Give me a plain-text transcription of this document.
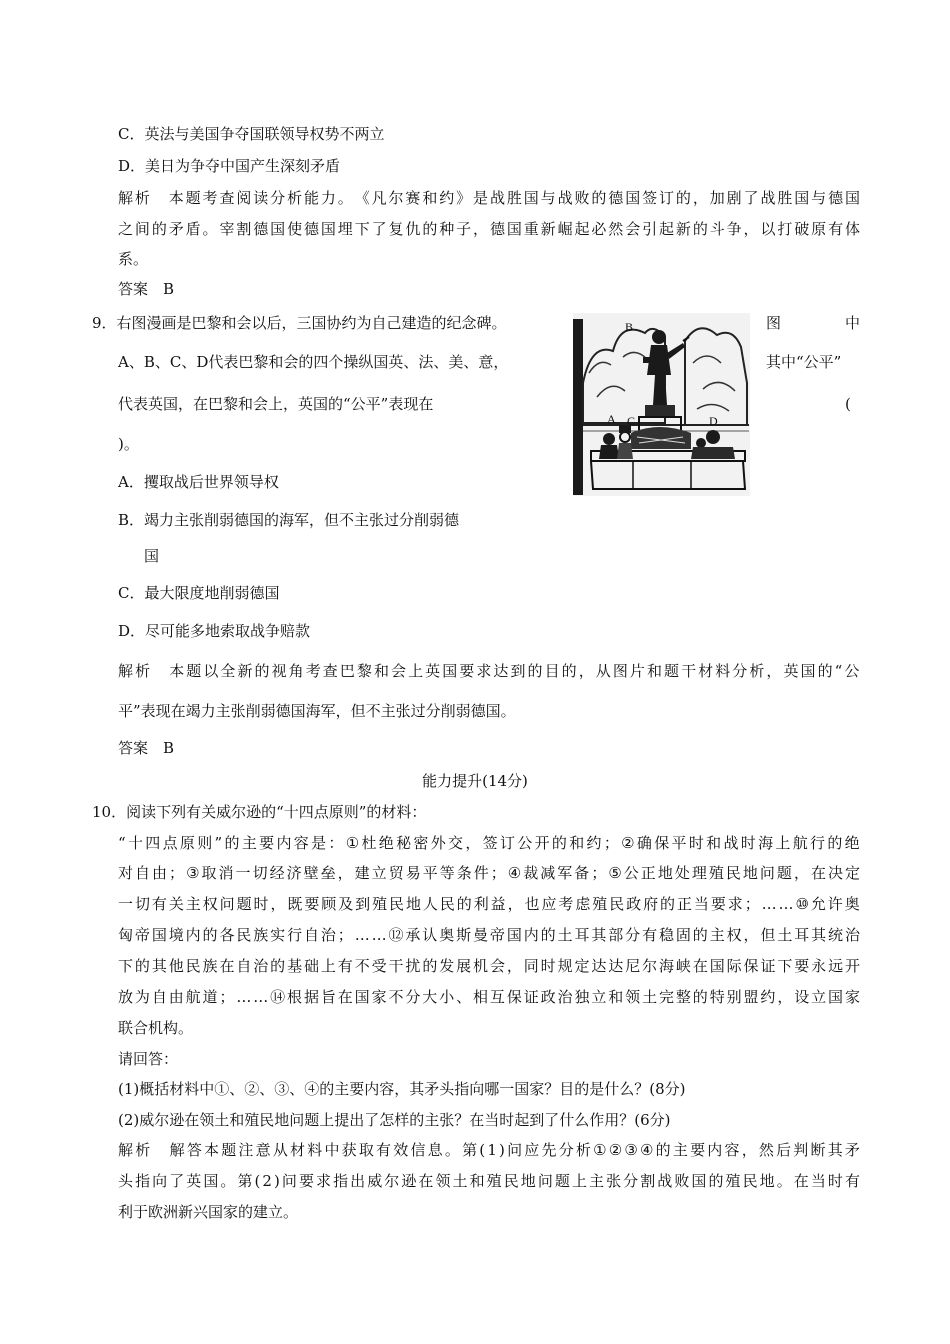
C．英法与美国争夺国联领导权势不两立
D．美日为争夺中国产生深刻矛盾
解 析
　 本 题 考 查 阅 读 分 析 能 力 。 《 凡 尔 赛 和 约 》 是 战 胜 国 与 战 败 的 德 国 签 订 的 ， 加 剧 了 战 胜 国 与 德 国
之 间 的 矛 盾 。 宰 割 德 国 使 德 国 埋 下 了 复 仇 的 种 子 ， 德 国 重 新 崛 起 必 然 会 引 起 新 的 斗 争 ， 以 打 破 原 有 体
系。
答案　B
9．右图漫画是巴黎和会以后，三国协约为自己建造的纪念碑。	图	中
A、B、C、D代表巴黎和会的四个操纵国英、法、美、意，	其中“公平”
代表英国，在巴黎和会上，英国的“公平”表现在	(
)。
A．攫取战后世界领导权
B．竭力主张削弱德国的海军，但不主张过分削弱德
国
C．最大限度地削弱德国
D．尽可能多地索取战争赔款
解 析
　 本 题 以 全 新 的 视 角 考 查 巴 黎 和 会 上 英 国 要 求 达 到 的 目 的 ， 从 图 片 和 题 干 材 料 分 析 ， 英 国 的 “ 公
平”表现在竭力主张削弱德国海军，但不主张过分削弱德国。
答案　B
B
A C	D
能力提升(14分)
10．阅读下列有关威尔逊的“十四点原则”的材料：
“ 十 四 点 原 则 ” 的 主 要 内 容 是 ： ① 杜 绝 秘 密 外 交 ， 签 订 公 开 的 和 约 ； ② 确 保 平 时 和 战 时 海 上 航 行 的 绝
对 自 由 ； ③ 取 消 一 切 经 济 壁 垒 ， 建 立 贸 易 平 等 条 件 ； ④ 裁 减 军 备 ； ⑤ 公 正 地 处 理 殖 民 地 问 题 ， 在 决 定
一 切 有 关 主 权 问 题 时 ， 既 要 顾 及 到 殖 民 地 人 民 的 利 益 ， 也 应 考 虑 殖 民 政 府 的 正 当 要 求 ； … … ⑩ 允 许 奥
匈 帝 国 境 内 的 各 民 族 实 行 自 治 ； … … ⑫ 承 认 奥 斯 曼 帝 国 内 的 土 耳 其 部 分 有 稳 固 的 主 权 ， 但 土 耳 其 统 治
下 的 其 他 民 族 在 自 治 的 基 础 上 有 不 受 干 扰 的 发 展 机 会 ， 同 时 规 定 达 达 尼 尔 海 峡 在 国 际 保 证 下 要 永 远 开
放 为 自 由 航 道 ； … … ⑭ 根 据 旨 在 国 家 不 分 大 小 、 相 互 保 证 政 治 独 立 和 领 土 完 整 的 特 别 盟 约 ， 设 立 国 家
联合机构。
请回答：
(1)概括材料中①、②、③、④的主要内容，其矛头指向哪一国家？目的是什么？(8分)
(2)威尔逊在领土和殖民地问题上提出了怎样的主张？在当时起到了什么作用？(6分)
解 析
　 解 答 本 题 注 意 从 材 料 中 获 取 有 效 信 息 。 第 ( 1 ) 问 应 先 分 析 ① ② ③ ④ 的 主 要 内 容 ， 然 后 判 断 其 矛
头 指 向 了 英 国 。 第 ( 2 ) 问 要 求 指 出 威 尔 逊 在 领 土 和 殖 民 地 问 题 上 主 张 分 割 战 败 国 的 殖 民 地 。 在 当 时 有
利于欧洲新兴国家的建立。
